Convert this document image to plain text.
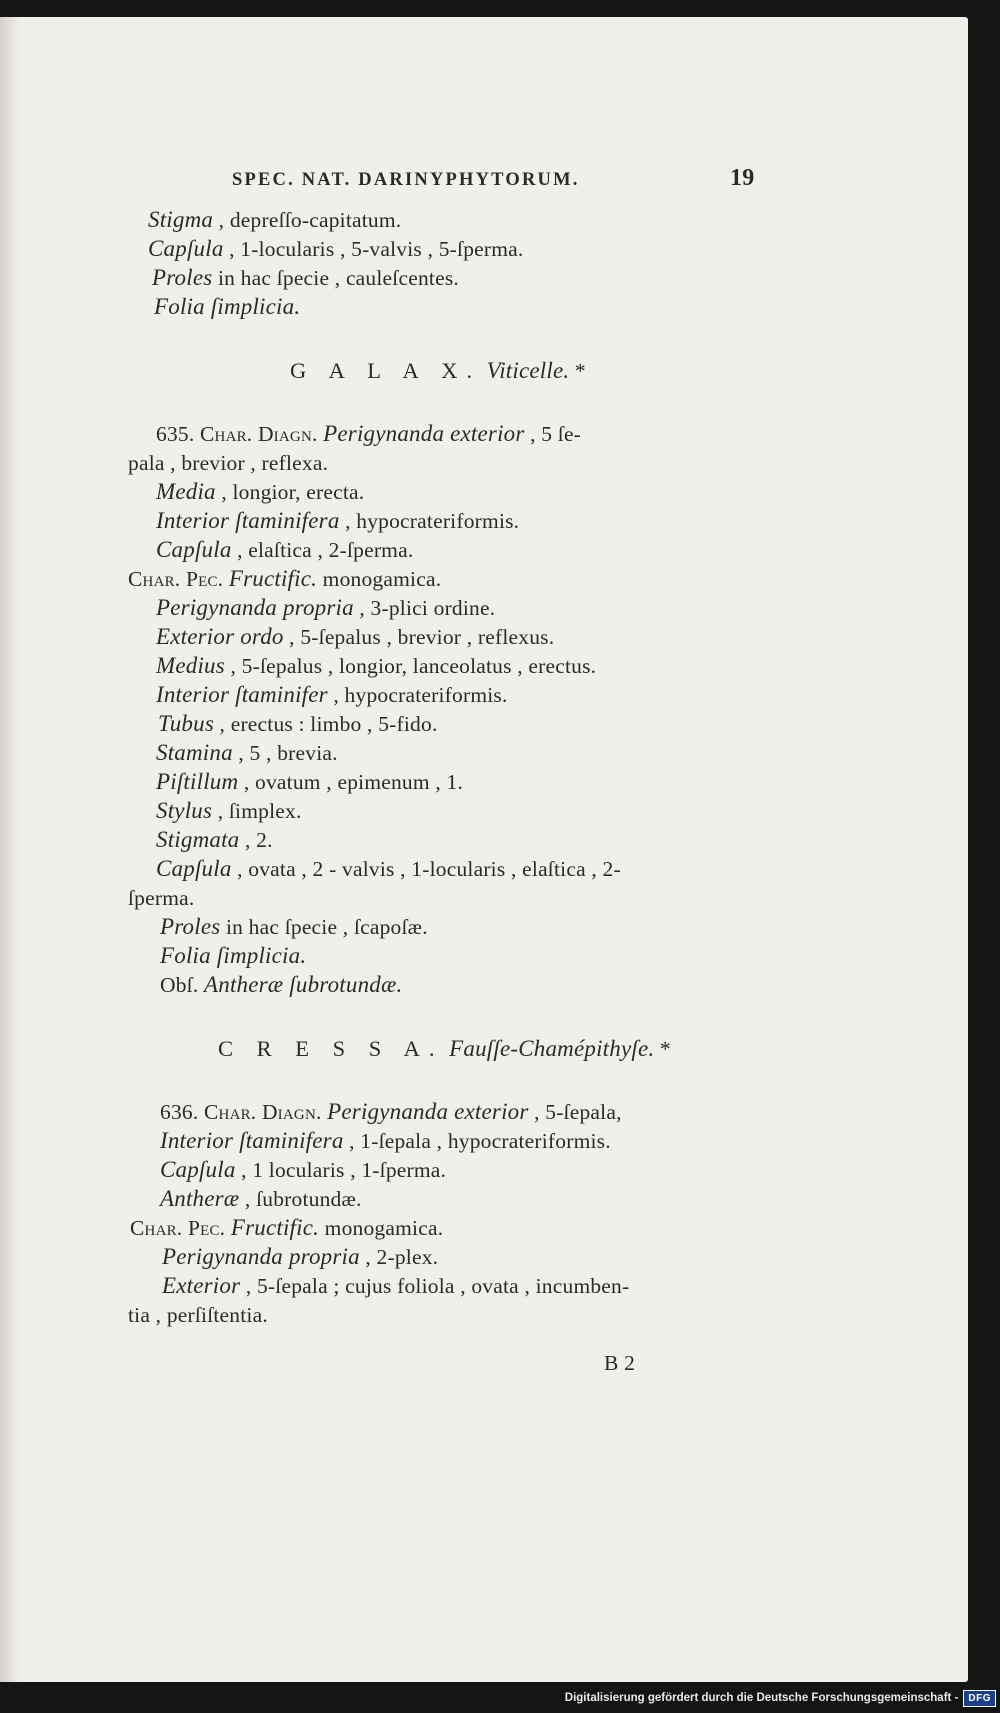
SPEC. NAT. DARINYPHYTORUM.	19
Stigma , depreſſo-capitatum.
Capſula , 1-locularis , 5-valvis , 5-ſperma.
Proles in hac ſpecie , cauleſcentes.
Folia ſimplicia.
G A L A X. Viticelle. *
635. Char. Diagn. Perigynanda exterior , 5 ſe-
pala , brevior , reflexa.
Media , longior, erecta.
Interior ſtaminifera , hypocrateriformis.
Capſula , elaſtica , 2-ſperma.
Char. Pec. Fructific. monogamica.
Perigynanda propria , 3-plici ordine.
Exterior ordo , 5-ſepalus , brevior , reflexus.
Medius , 5-ſepalus , longior, lanceolatus , erectus.
Interior ſtaminifer , hypocrateriformis.
Tubus , erectus : limbo , 5-fido.
Stamina , 5 , brevia.
Piſtillum , ovatum , epimenum , 1.
Stylus , ſimplex.
Stigmata , 2.
Capſula , ovata , 2 - valvis , 1-locularis , elaſtica , 2-
ſperma.
Proles in hac ſpecie , ſcapoſæ.
Folia ſimplicia.
Obſ. Antheræ ſubrotundæ.
C R E S S A. Fauſſe-Chamépithyſe. *
636. Char. Diagn. Perigynanda exterior , 5-ſepala,
Interior ſtaminifera , 1-ſepala , hypocrateriformis.
Capſula , 1 locularis , 1-ſperma.
Antheræ , ſubrotundæ.
Char. Pec. Fructific. monogamica.
Perigynanda propria , 2-plex.
Exterior , 5-ſepala ; cujus foliola , ovata , incumben-
tia , perſiſtentia.
B 2
Digitalisierung gefördert durch die Deutsche Forschungsgemeinschaft -	DFG
